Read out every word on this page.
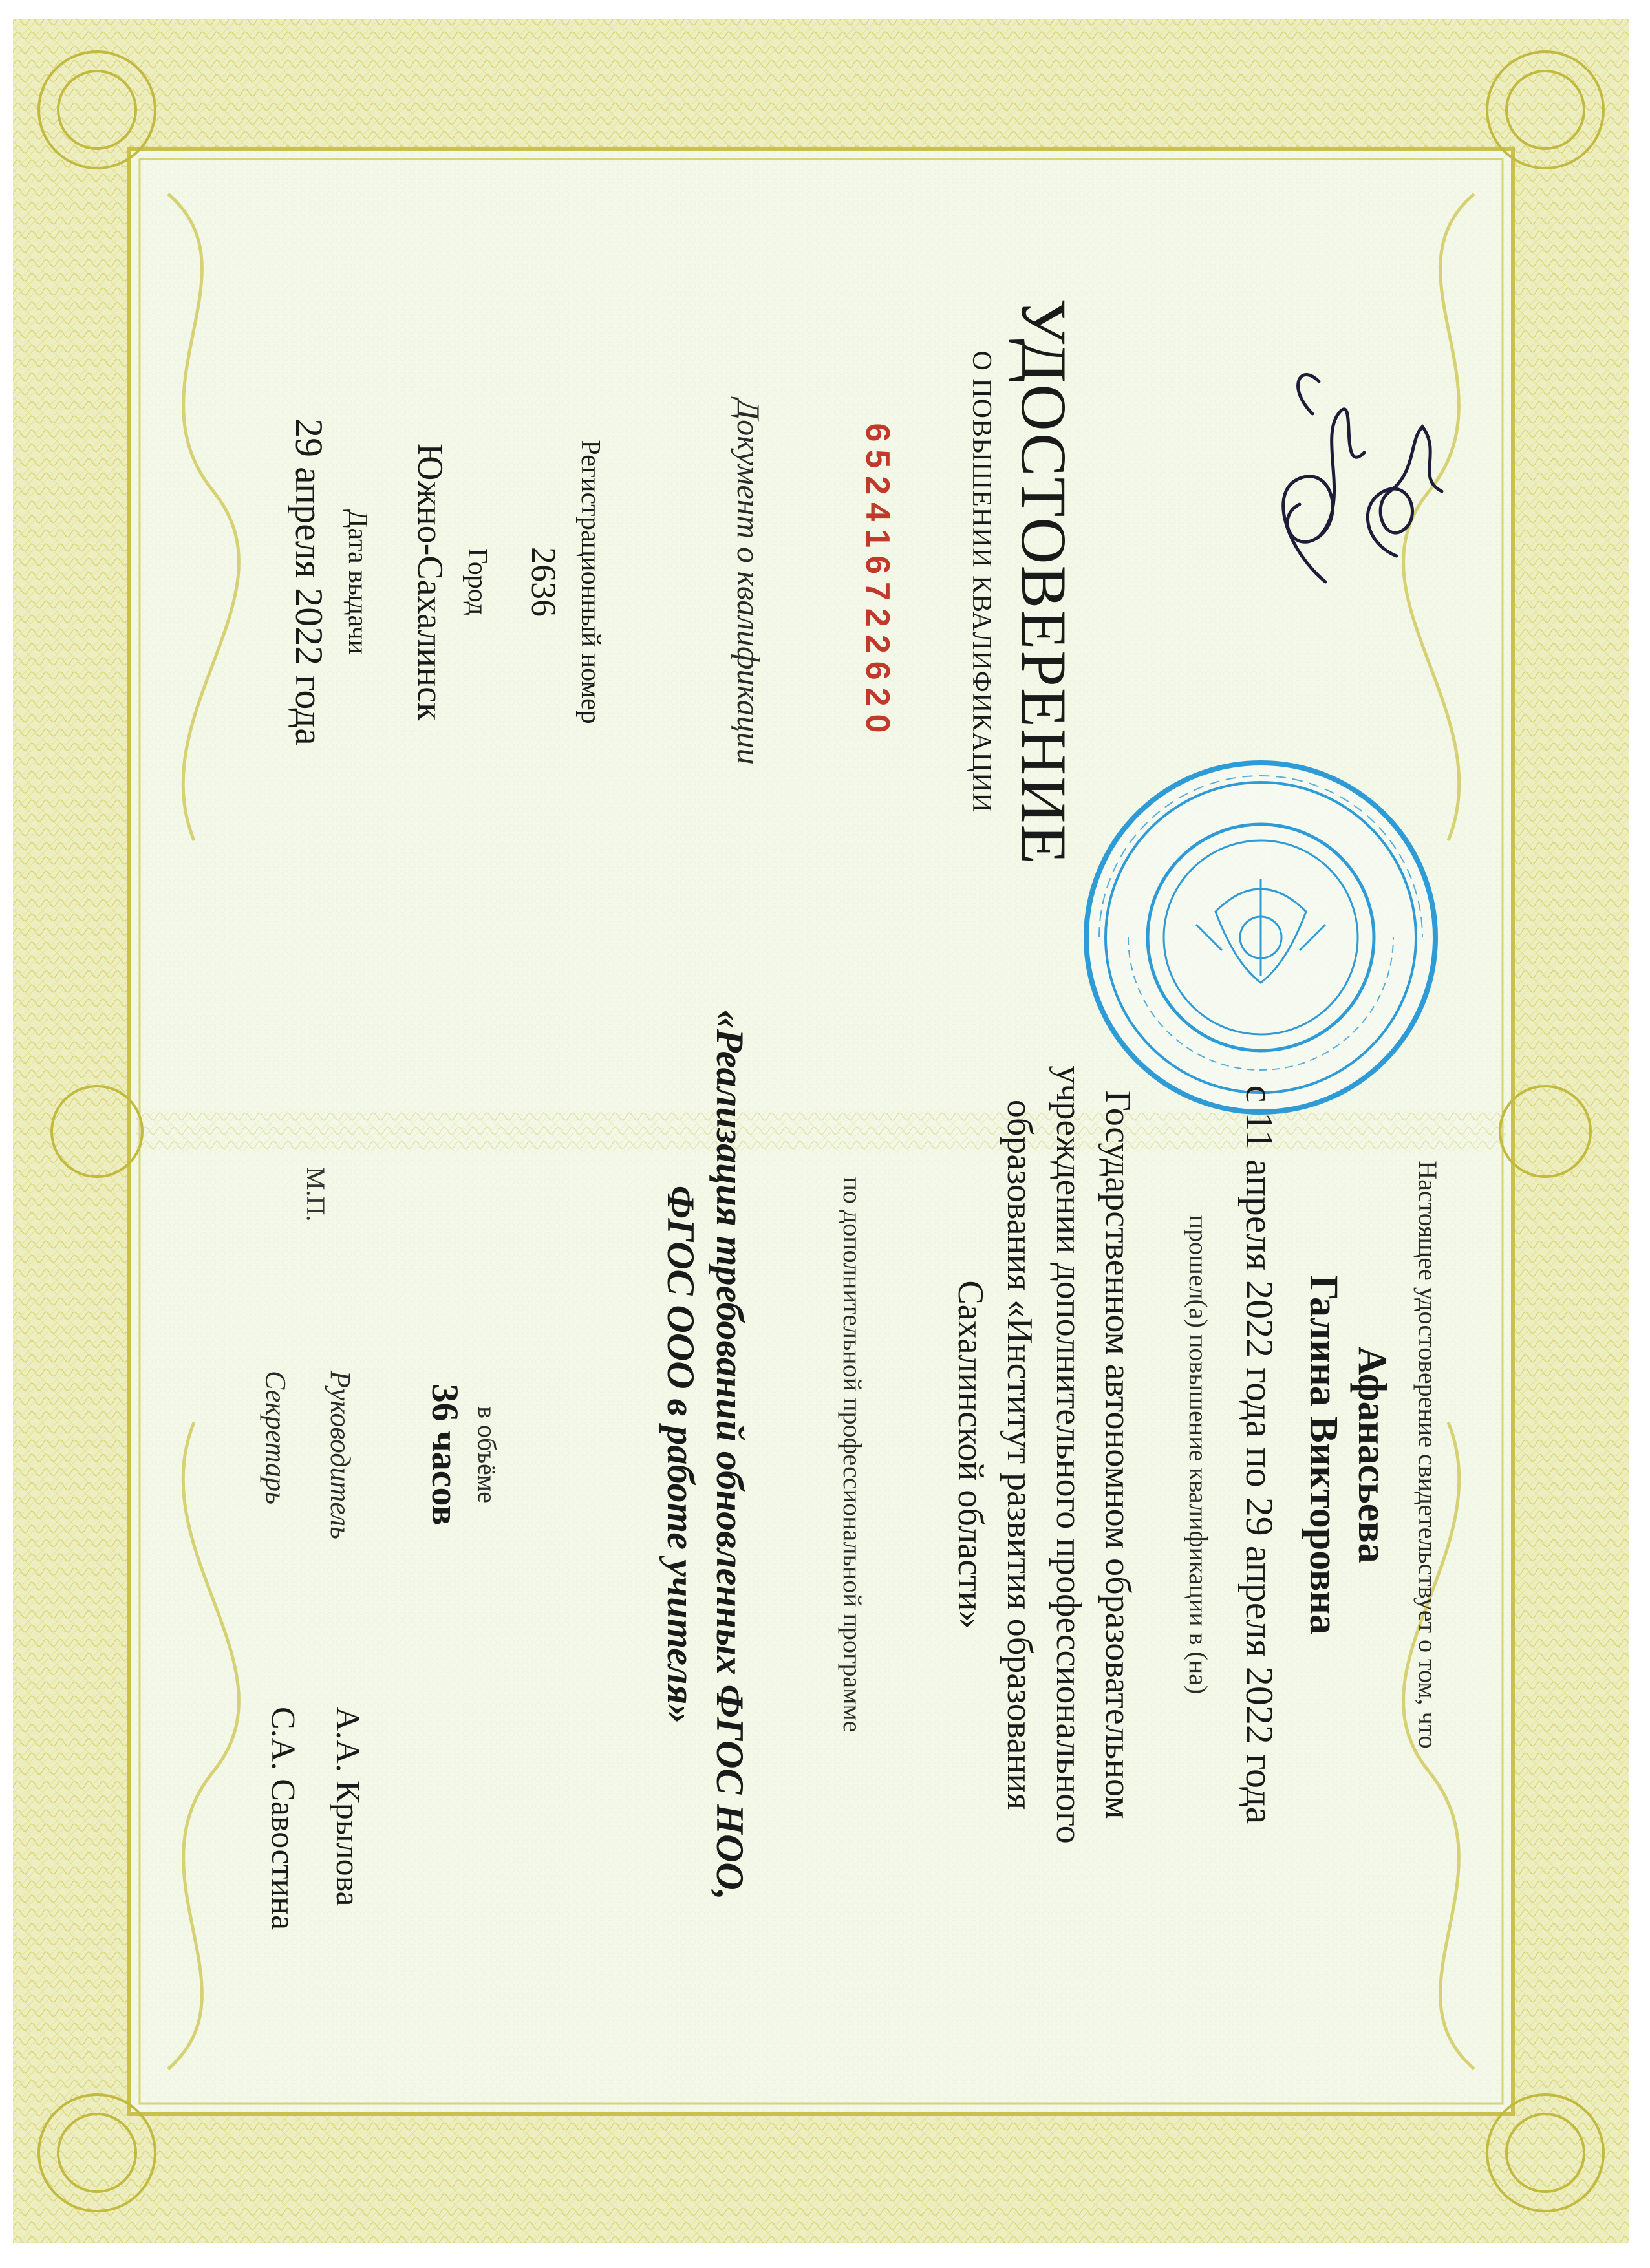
Настоящее удостоверение свидетельствует о том, что
Афанасьева
Галина Викторовна
с 11 апреля 2022 года по 29 апреля 2022 года
прошел(а) повышение квалификации в (на)
Государственном автономном образовательном
учреждении дополнительного профессионального
образования «Институт развития образования
Сахалинской области»
по дополнительной профессиональной программе
«Реализация требований обновленных ФГОС НОО,
ФГОС ООО в работе учителя»
в объёме
36 часов
М.П.
Руководитель
А.А. Крылова
Секретарь
С.А. Савостина
УДОСТОВЕРЕНИЕ
О ПОВЫШЕНИИ КВАЛИФИКАЦИИ
652416722620
Документ о квалификации
Регистрационный номер
2636
Город
Южно-Сахалинск
Дата выдачи
29 апреля 2022 года
